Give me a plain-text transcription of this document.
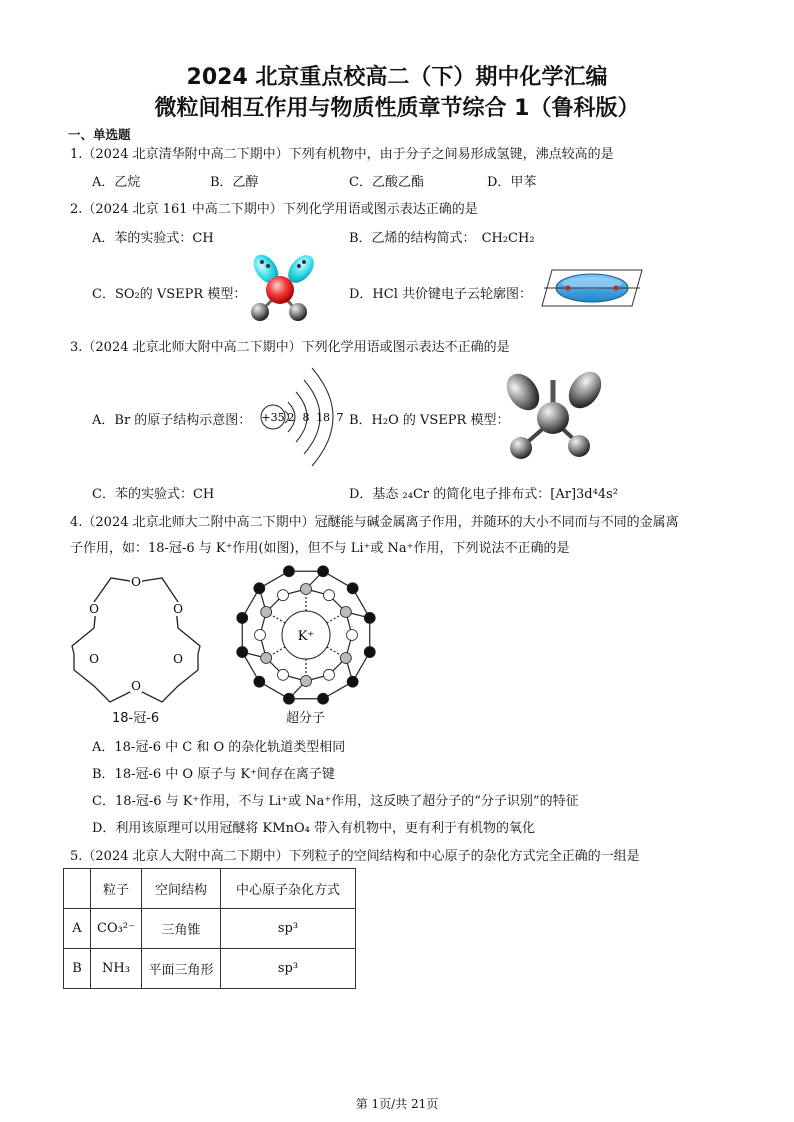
2024 北京重点校高二（下）期中化学汇编
微粒间相互作用与物质性质章节综合 1（鲁科版）
一、单选题
1.（2024 北京清华附中高二下期中）下列有机物中，由于分子之间易形成氢键，沸点较高的是
A．乙烷	B．乙醇	C．乙酸乙酯	D．甲苯
2.（2024 北京 161 中高二下期中）下列化学用语或图示表达正确的是
A．苯的实验式：CH	B．乙烯的结构简式： CH₂CH₂
C．SO₂的 VSEPR 模型：	D．HCl 共价键电子云轮廓图：
3.（2024 北京北师大附中高二下期中）下列化学用语或图示表达不正确的是
A．Br 的原子结构示意图： +35 2 8 18 7 B．H₂O 的 VSEPR 模型：
C．苯的实验式：CH	D．基态 ₂₄Cr 的简化电子排布式：[Ar]3d⁴4s²
4.（2024 北京北师大二附中高二下期中）冠醚能与碱金属离子作用，并随环的大小不同而与不同的金属离
子作用，如：18-冠-6 与 K⁺作用(如图)，但不与 Li⁺或 Na⁺作用，下列说法不正确的是
O
O	O
O	O
O
18-冠-6
K⁺
超分子
A．18-冠-6 中 C 和 O 的杂化轨道类型相同
B．18-冠-6 中 O 原子与 K⁺间存在离子键
C．18-冠-6 与 K⁺作用，不与 Li⁺或 Na⁺作用，这反映了超分子的“分子识别”的特征
D．利用该原理可以用冠醚将 KMnO₄ 带入有机物中，更有利于有机物的氧化
5.（2024 北京人大附中高二下期中）下列粒子的空间结构和中心原子的杂化方式完全正确的一组是
	粒子	空间结构	中心原子杂化方式
A	CO₃²⁻	三角锥	sp³
B	NH₃	平面三角形	sp³
第 1页/共 21页
